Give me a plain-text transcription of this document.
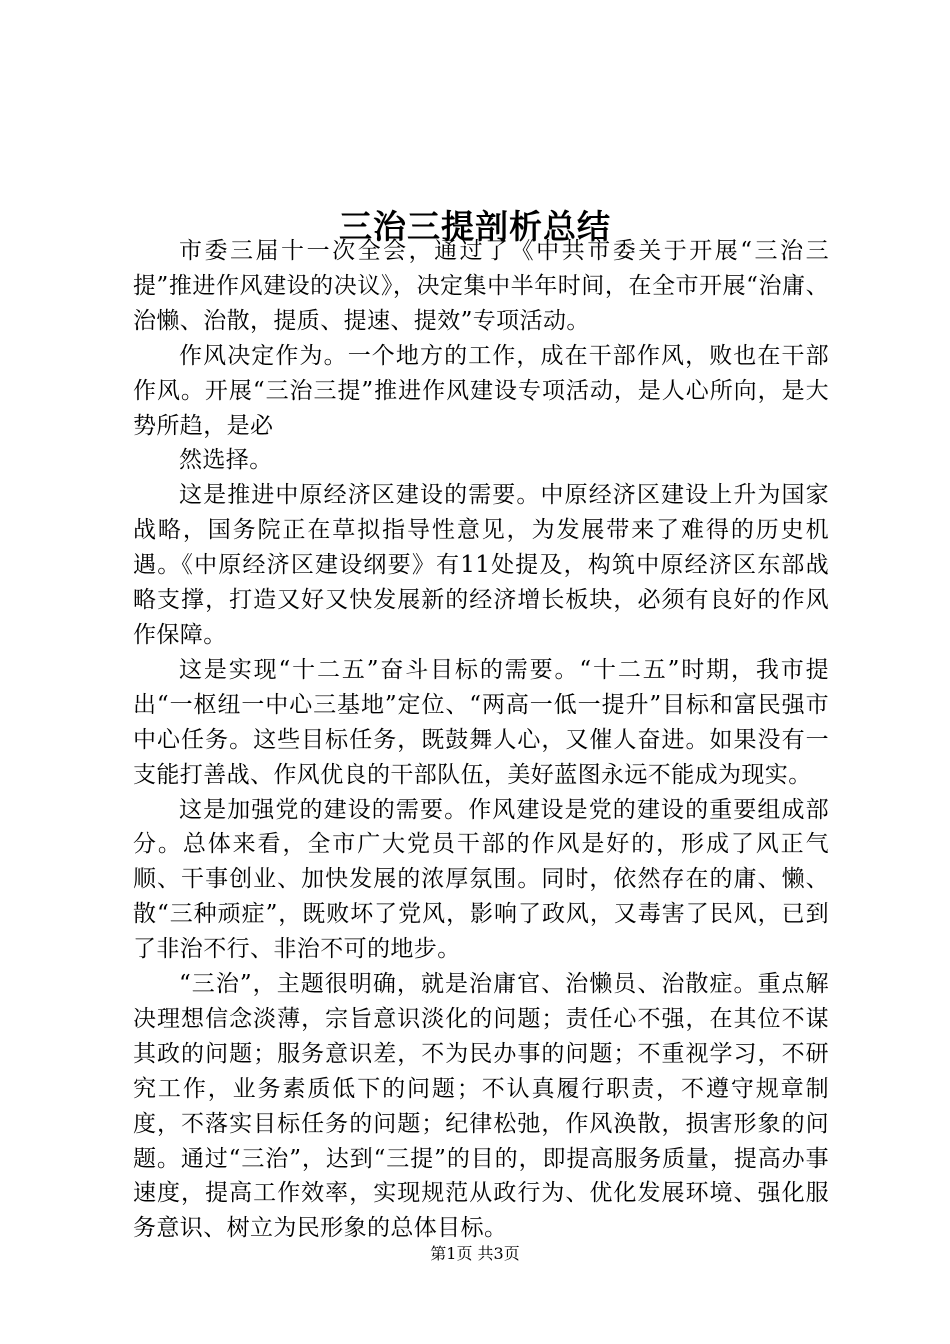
三治三提剖析总结

市委三届十一次全会，通过了《中共市委关于开展“三治三提”推进作风建设的决议》，决定集中半年时间，在全市开展“治庸、治懒、治散，提质、提速、提效”专项活动。

作风决定作为。一个地方的工作，成在干部作风，败也在干部作风。开展“三治三提”推进作风建设专项活动，是人心所向，是大势所趋，是必

然选择。

这是推进中原经济区建设的需要。中原经济区建设上升为国家战略，国务院正在草拟指导性意见，为发展带来了难得的历史机遇。《中原经济区建设纲要》有11处提及，构筑中原经济区东部战略支撑，打造又好又快发展新的经济增长板块，必须有良好的作风作保障。

这是实现“十二五”奋斗目标的需要。“十二五”时期，我市提出“一枢纽一中心三基地”定位、“两高一低一提升”目标和富民强市中心任务。这些目标任务，既鼓舞人心，又催人奋进。如果没有一支能打善战、作风优良的干部队伍，美好蓝图永远不能成为现实。

这是加强党的建设的需要。作风建设是党的建设的重要组成部分。总体来看，全市广大党员干部的作风是好的，形成了风正气顺、干事创业、加快发展的浓厚氛围。同时，依然存在的庸、懒、散“三种顽症”，既败坏了党风，影响了政风，又毒害了民风，已到了非治不行、非治不可的地步。

“三治”，主题很明确，就是治庸官、治懒员、治散症。重点解决理想信念淡薄，宗旨意识淡化的问题；责任心不强，在其位不谋其政的问题；服务意识差，不为民办事的问题；不重视学习，不研究工作，业务素质低下的问题；不认真履行职责，不遵守规章制度，不落实目标任务的问题；纪律松弛，作风涣散，损害形象的问题。通过“三治”，达到“三提”的目的，即提高服务质量，提高办事速度，提高工作效率，实现规范从政行为、优化发展环境、强化服务意识、树立为民形象的总体目标。

第1页 共3页
